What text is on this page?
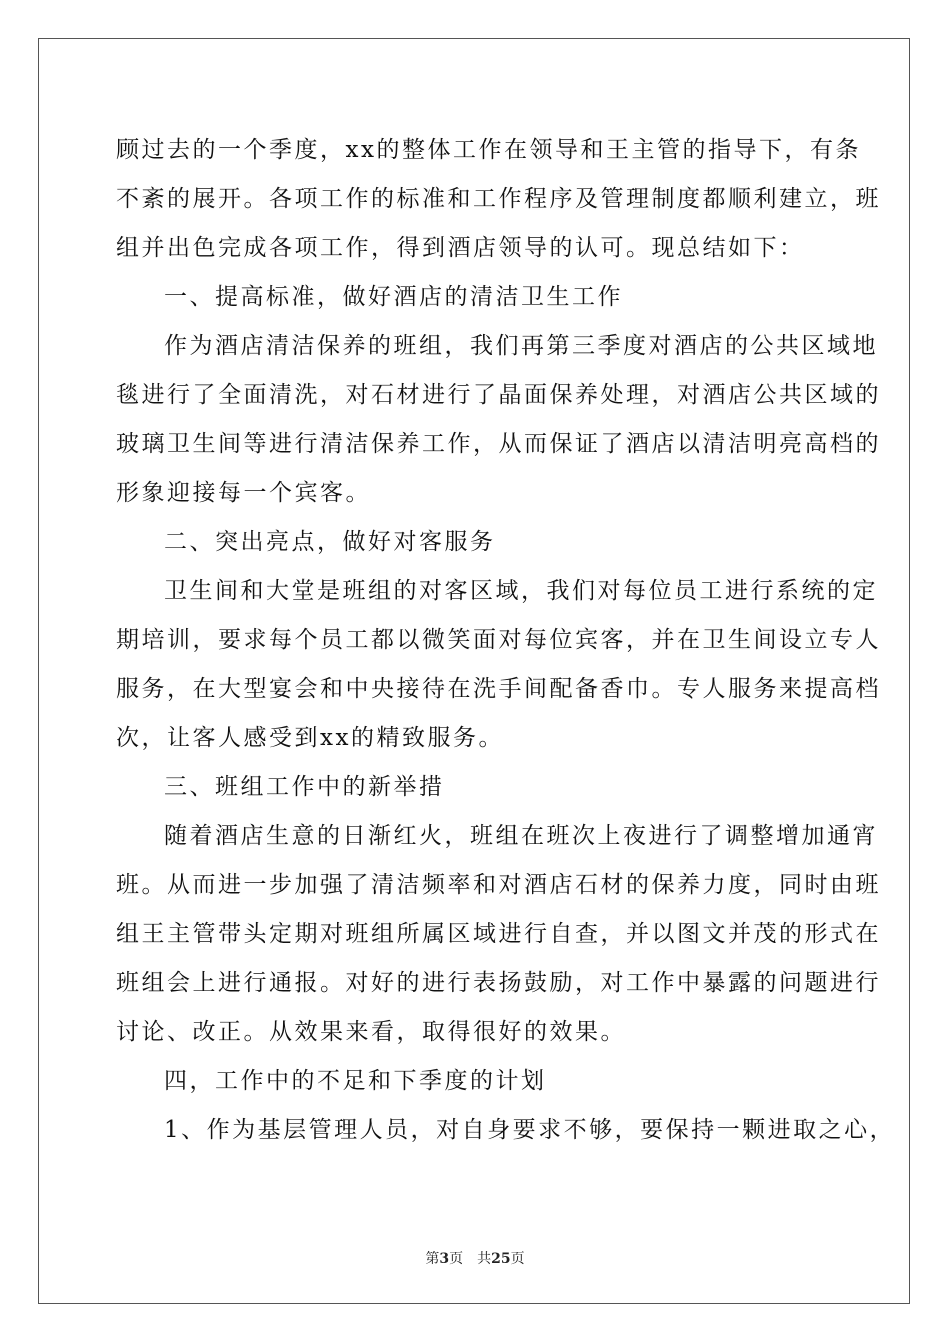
顾过去的一个季度，xx的整体工作在领导和王主管的指导下，有条
不紊的展开。各项工作的标准和工作程序及管理制度都顺利建立，班
组并出色完成各项工作，得到酒店领导的认可。现总结如下：
一、提高标准，做好酒店的清洁卫生工作
作为酒店清洁保养的班组，我们再第三季度对酒店的公共区域地
毯进行了全面清洗，对石材进行了晶面保养处理，对酒店公共区域的
玻璃卫生间等进行清洁保养工作，从而保证了酒店以清洁明亮高档的
形象迎接每一个宾客。
二、突出亮点，做好对客服务
卫生间和大堂是班组的对客区域，我们对每位员工进行系统的定
期培训，要求每个员工都以微笑面对每位宾客，并在卫生间设立专人
服务，在大型宴会和中央接待在洗手间配备香巾。专人服务来提高档
次，让客人感受到xx的精致服务。
三、班组工作中的新举措
随着酒店生意的日渐红火，班组在班次上夜进行了调整增加通宵
班。从而进一步加强了清洁频率和对酒店石材的保养力度，同时由班
组王主管带头定期对班组所属区域进行自查，并以图文并茂的形式在
班组会上进行通报。对好的进行表扬鼓励，对工作中暴露的问题进行
讨论、改正。从效果来看，取得很好的效果。
四，工作中的不足和下季度的计划
1、作为基层管理人员，对自身要求不够，要保持一颗进取之心，
第3页　共25页
